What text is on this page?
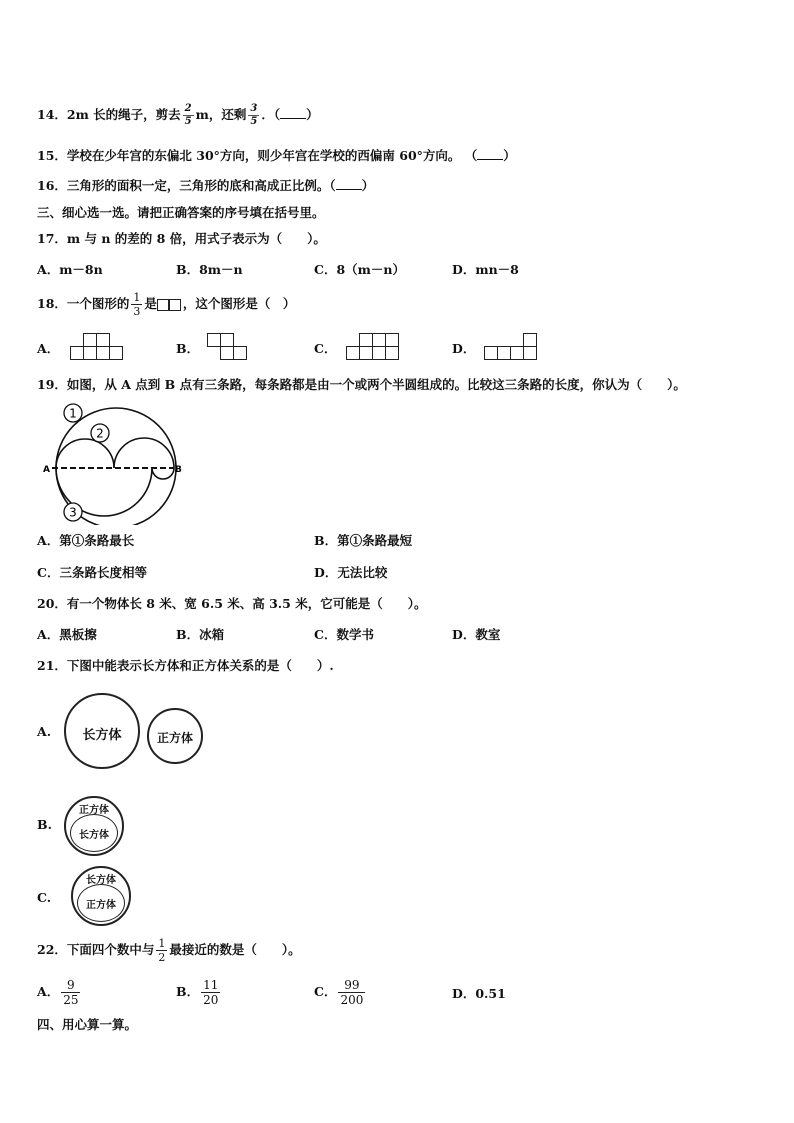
14．2m 长的绳子，剪去 $\frac{2}{5}$ m，还剩 $\frac{3}{5}$ ．（ ）
15．学校在少年宫的东偏北 30°方向，则少年宫在学校的西偏南 60°方向。 （ ）
16．三角形的面积一定，三角形的底和高成正比例。（ ）
三、细心选一选。请把正确答案的序号填在括号里。
17．m 与 n 的差的 8 倍，用式子表示为（　　）。
A．m－8n	B．8m－n	C．8（m－n）	D．mn－8
18．一个图形的 $\frac{1}{3}$ 是 ，这个图形是（　）
A．	B．	C．	D．
19．如图，从 A 点到 B 点有三条路，每条路都是由一个或两个半圆组成的。比较这三条路的长度，你认为（　　）。
1
2
3
A	B
A．第①条路最长	B．第①条路最短
C．三条路长度相等	D．无法比较
20．有一个物体长 8 米、宽 6.5 米、高 3.5 米，它可能是（　　）。
A．黑板擦	B．冰箱	C．数学书	D．教室
21．下图中能表示长方体和正方体关系的是（　　）.
A.	长方体	正方体
B.
正方体
长方体
C.
长方体
正方体
22．下面四个数中与 $\frac{1}{2}$ 最接近的数是（　　）。
A． $\frac{9}{25}$	B． $\frac{11}{20}$	C． $\frac{99}{200}$	D．0.51
四、用心算一算。
